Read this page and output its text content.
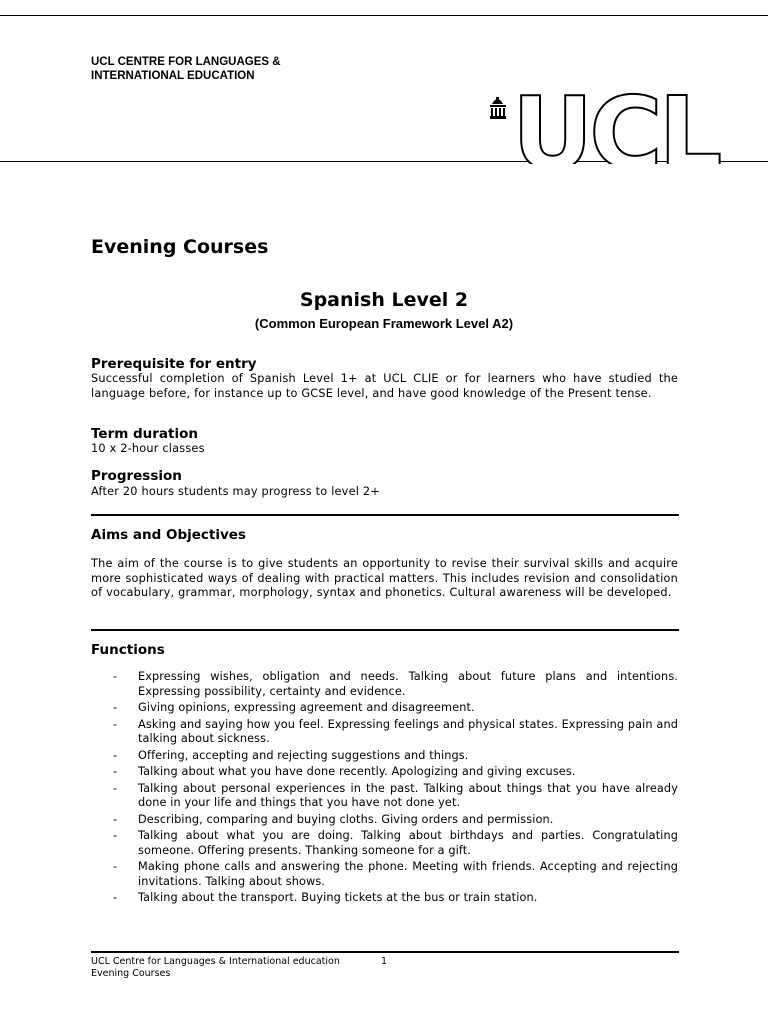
UCL CENTRE FOR LANGUAGES &
INTERNATIONAL EDUCATION	UCL
Evening Courses
Spanish Level 2
(Common European Framework Level A2)
Prerequisite for entry
Successful completion of Spanish Level 1+ at UCL CLIE or for learners who have studied the language before, for instance up to GCSE level, and have good knowledge of the Present tense.
Term duration
10 x 2-hour classes
Progression
After 20 hours students may progress to level 2+
Aims and Objectives
The aim of the course is to give students an opportunity to revise their survival skills and acquire more sophisticated ways of dealing with practical matters. This includes revision and consolidation of vocabulary, grammar, morphology, syntax and phonetics. Cultural awareness will be developed.
Functions
- Expressing wishes, obligation and needs. Talking about future plans and intentions. Expressing possibility, certainty and evidence.
- Giving opinions, expressing agreement and disagreement.
- Asking and saying how you feel. Expressing feelings and physical states. Expressing pain and talking about sickness.
- Offering, accepting and rejecting suggestions and things.
- Talking about what you have done recently. Apologizing and giving excuses.
- Talking about personal experiences in the past. Talking about things that you have already done in your life and things that you have not done yet.
- Describing, comparing and buying cloths. Giving orders and permission.
- Talking about what you are doing. Talking about birthdays and parties. Congratulating someone. Offering presents. Thanking someone for a gift.
- Making phone calls and answering the phone. Meeting with friends. Accepting and rejecting invitations. Talking about shows.
- Talking about the transport. Buying tickets at the bus or train station.
UCL Centre for Languages & International education
Evening Courses
1
